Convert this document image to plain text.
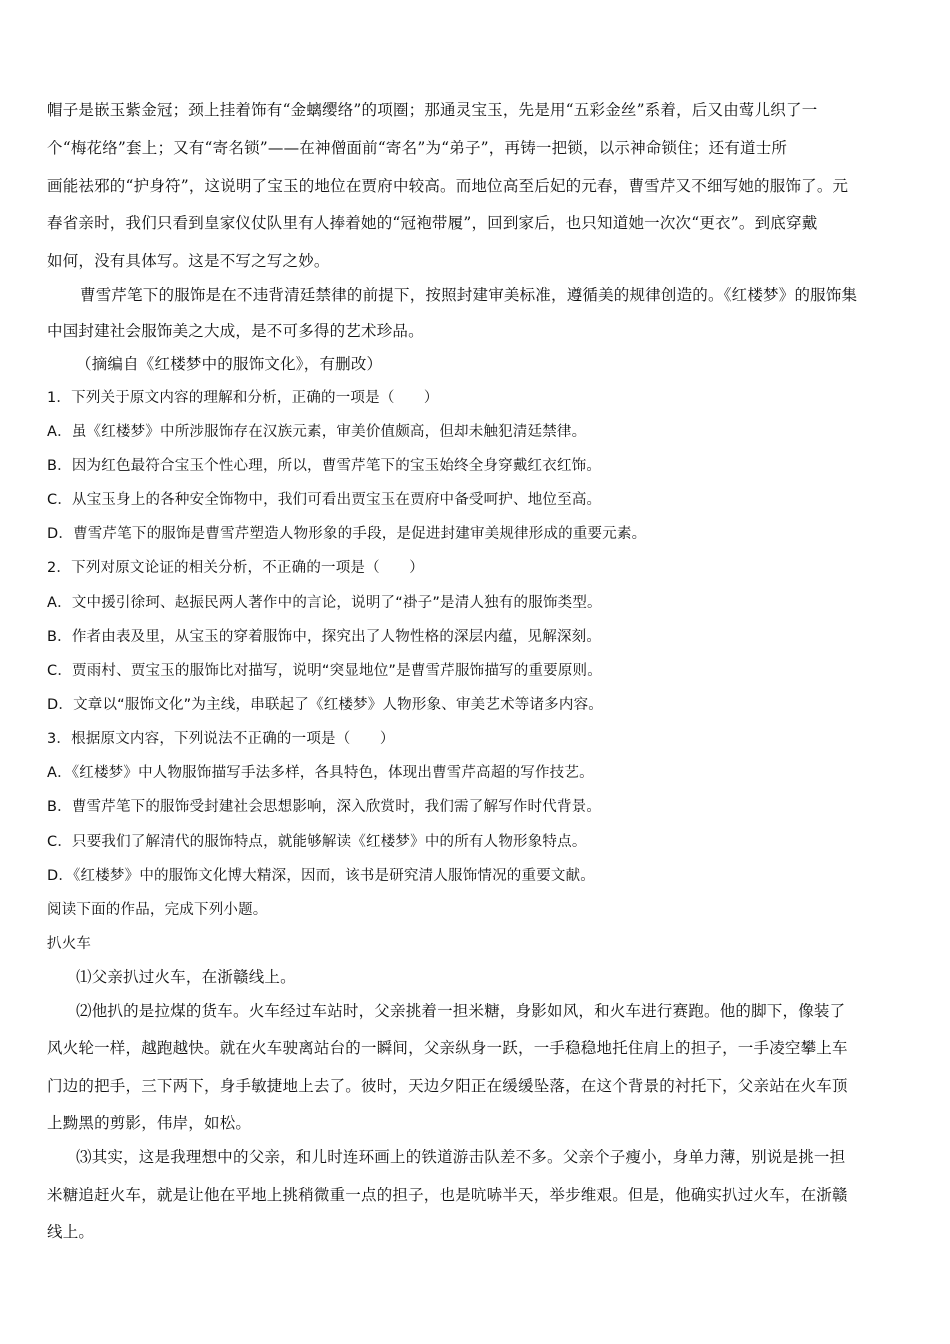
帽子是嵌玉紫金冠；颈上挂着饰有“金螭缨络”的项圈；那通灵宝玉，先是用“五彩金丝”系着，后又由莺儿织了一
个“梅花络”套上；又有“寄名锁”——在神僧面前“寄名”为“弟子”，再铸一把锁，以示神命锁住；还有道士所
画能祛邪的“护身符”，这说明了宝玉的地位在贾府中较高。而地位高至后妃的元春，曹雪芹又不细写她的服饰了。元
春省亲时，我们只看到皇家仪仗队里有人捧着她的“冠袍带履”，回到家后，也只知道她一次次“更衣”。到底穿戴
如何，没有具体写。这是不写之写之妙。
曹雪芹笔下的服饰是在不违背清廷禁律的前提下，按照封建审美标准，遵循美的规律创造的。《红楼梦》的服饰集
中国封建社会服饰美之大成，是不可多得的艺术珍品。
（摘编自《红楼梦中的服饰文化》，有删改）
1．下列关于原文内容的理解和分析，正确的一项是（　　）
A．虽《红楼梦》中所涉服饰存在汉族元素，审美价值颇高，但却未触犯清廷禁律。
B．因为红色最符合宝玉个性心理，所以，曹雪芹笔下的宝玉始终全身穿戴红衣红饰。
C．从宝玉身上的各种安全饰物中，我们可看出贾宝玉在贾府中备受呵护、地位至高。
D．曹雪芹笔下的服饰是曹雪芹塑造人物形象的手段，是促进封建审美规律形成的重要元素。
2．下列对原文论证的相关分析，不正确的一项是（　　）
A．文中援引徐珂、赵振民两人著作中的言论，说明了“褂子”是清人独有的服饰类型。
B．作者由表及里，从宝玉的穿着服饰中，探究出了人物性格的深层内蕴，见解深刻。
C．贾雨村、贾宝玉的服饰比对描写，说明“突显地位”是曹雪芹服饰描写的重要原则。
D．文章以“服饰文化”为主线，串联起了《红楼梦》人物形象、审美艺术等诸多内容。
3．根据原文内容，下列说法不正确的一项是（　　）
A．《红楼梦》中人物服饰描写手法多样，各具特色，体现出曹雪芹高超的写作技艺。
B．曹雪芹笔下的服饰受封建社会思想影响，深入欣赏时，我们需了解写作时代背景。
C．只要我们了解清代的服饰特点，就能够解读《红楼梦》中的所有人物形象特点。
D．《红楼梦》中的服饰文化博大精深，因而，该书是研究清人服饰情况的重要文献。
阅读下面的作品，完成下列小题。
扒火车
⑴父亲扒过火车，在浙赣线上。
⑵他扒的是拉煤的货车。火车经过车站时，父亲挑着一担米糖，身影如风，和火车进行赛跑。他的脚下，像装了
风火轮一样，越跑越快。就在火车驶离站台的一瞬间，父亲纵身一跃，一手稳稳地托住肩上的担子，一手凌空攀上车
门边的把手，三下两下，身手敏捷地上去了。彼时，天边夕阳正在缓缓坠落，在这个背景的衬托下，父亲站在火车顶
上黝黑的剪影，伟岸，如松。
⑶其实，这是我理想中的父亲，和儿时连环画上的铁道游击队差不多。父亲个子瘦小，身单力薄，别说是挑一担
米糖追赶火车，就是让他在平地上挑稍微重一点的担子，也是吭哧半天，举步维艰。但是，他确实扒过火车，在浙赣
线上。
